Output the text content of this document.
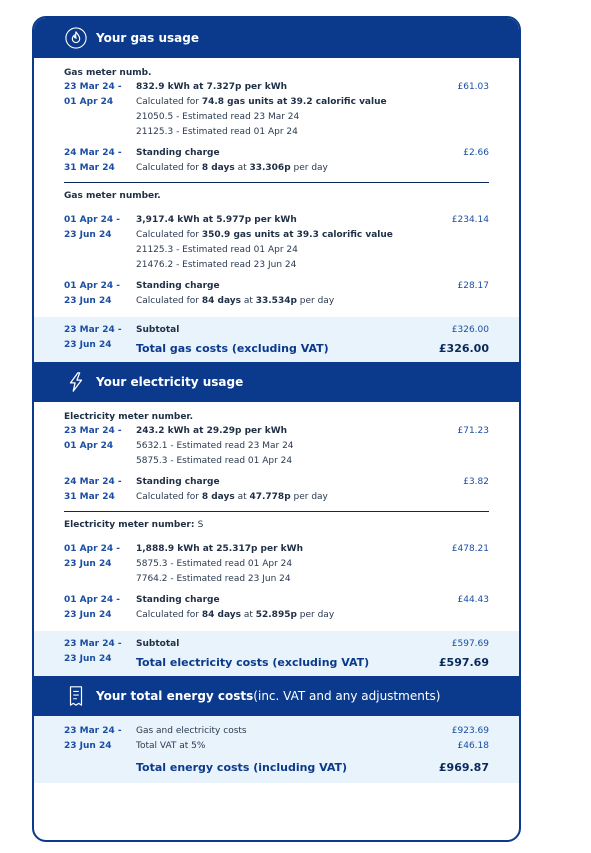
Your gas usage
Gas meter numb.
23 Mar 24 -
01 Apr 24
832.9 kWh at 7.327p per kWh
Calculated for 74.8 gas units at 39.2 calorific value
21050.5 - Estimated read 23 Mar 24
21125.3 - Estimated read 01 Apr 24
£61.03
24 Mar 24 -
31 Mar 24
Standing charge
Calculated for 8 days at 33.306p per day
£2.66
Gas meter number.
01 Apr 24 -
23 Jun 24
3,917.4 kWh at 5.977p per kWh
Calculated for 350.9 gas units at 39.3 calorific value
21125.3 - Estimated read 01 Apr 24
21476.2 - Estimated read 23 Jun 24
£234.14
01 Apr 24 -
23 Jun 24
Standing charge
Calculated for 84 days at 33.534p per day
£28.17
23 Mar 24 -
23 Jun 24
Subtotal
Total gas costs (excluding VAT)
£326.00
£326.00
Your electricity usage
Electricity meter number.
23 Mar 24 -
01 Apr 24
243.2 kWh at 29.29p per kWh
5632.1 - Estimated read 23 Mar 24
5875.3 - Estimated read 01 Apr 24
£71.23
24 Mar 24 -
31 Mar 24
Standing charge
Calculated for 8 days at 47.778p per day
£3.82
Electricity meter number: S
01 Apr 24 -
23 Jun 24
1,888.9 kWh at 25.317p per kWh
5875.3 - Estimated read 01 Apr 24
7764.2 - Estimated read 23 Jun 24
£478.21
01 Apr 24 -
23 Jun 24
Standing charge
Calculated for 84 days at 52.895p per day
£44.43
23 Mar 24 -
23 Jun 24
Subtotal
Total electricity costs (excluding VAT)
£597.69
£597.69
Your total energy costs (inc. VAT and any adjustments)
23 Mar 24 -
23 Jun 24
Gas and electricity costs
Total VAT at 5%
Total energy costs (including VAT)
£923.69
£46.18
£969.87
